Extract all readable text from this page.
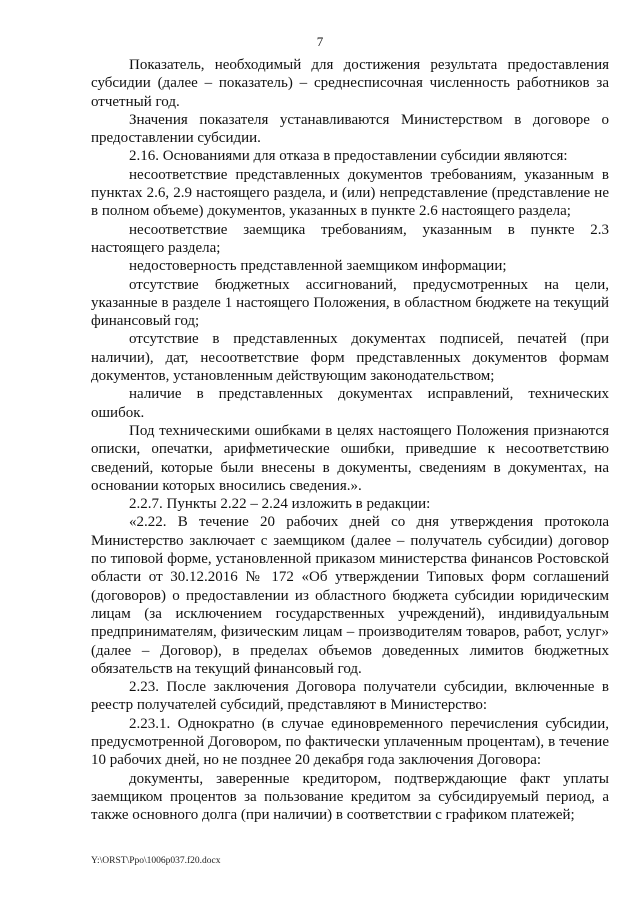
7

Показатель, необходимый для достижения результата предоставления субсидии (далее – показатель) – среднесписочная численность работников за отчетный год.

Значения показателя устанавливаются Министерством в договоре о предоставлении субсидии.

2.16. Основаниями для отказа в предоставлении субсидии являются:

несоответствие представленных документов требованиям, указанным в пунктах 2.6, 2.9 настоящего раздела, и (или) непредставление (представление не в полном объеме) документов, указанных в пункте 2.6 настоящего раздела;

несоответствие заемщика требованиям, указанным в пункте 2.3 настоящего раздела;

недостоверность представленной заемщиком информации;

отсутствие бюджетных ассигнований, предусмотренных на цели, указанные в разделе 1 настоящего Положения, в областном бюджете на текущий финансовый год;

отсутствие в представленных документах подписей, печатей (при наличии), дат, несоответствие форм представленных документов формам документов, установленным действующим законодательством;

наличие в представленных документах исправлений, технических ошибок.

Под техническими ошибками в целях настоящего Положения признаются описки, опечатки, арифметические ошибки, приведшие к несоответствию сведений, которые были внесены в документы, сведениям в документах, на основании которых вносились сведения.».

2.2.7. Пункты 2.22 – 2.24 изложить в редакции:

«2.22. В течение 20 рабочих дней со дня утверждения протокола Министерство заключает с заемщиком (далее – получатель субсидии) договор по типовой форме, установленной приказом министерства финансов Ростовской области от 30.12.2016 № 172 «Об утверждении Типовых форм соглашений (договоров) о предоставлении из областного бюджета субсидии юридическим лицам (за исключением государственных учреждений), индивидуальным предпринимателям, физическим лицам – производителям товаров, работ, услуг» (далее – Договор), в пределах объемов доведенных лимитов бюджетных обязательств на текущий финансовый год.

2.23. После заключения Договора получатели субсидии, включенные в реестр получателей субсидий, представляют в Министерство:

2.23.1. Однократно (в случае единовременного перечисления субсидии, предусмотренной Договором, по фактически уплаченным процентам), в течение 10 рабочих дней, но не позднее 20 декабря года заключения Договора:

документы, заверенные кредитором, подтверждающие факт уплаты заемщиком процентов за пользование кредитом за субсидируемый период, а также основного долга (при наличии) в соответствии с графиком платежей;

Y:\ORST\Ppo\1006p037.f20.docx
